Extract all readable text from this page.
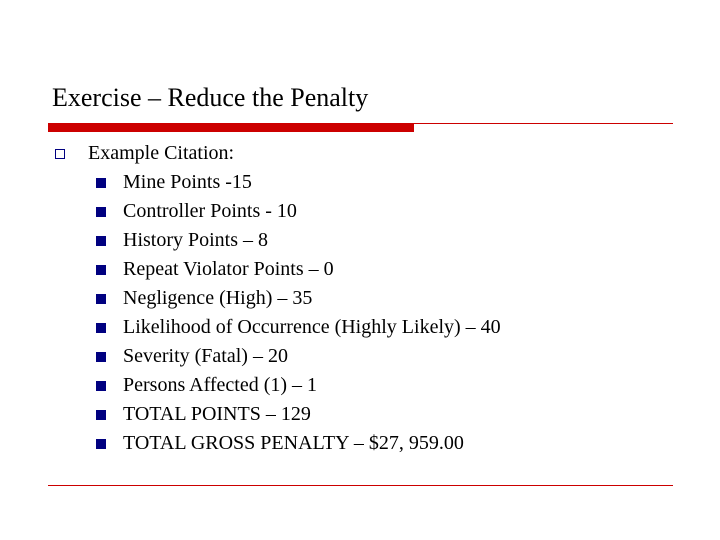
Exercise – Reduce the Penalty
Example Citation:
Mine Points -15
Controller Points - 10
History Points – 8
Repeat Violator Points – 0
Negligence (High) – 35
Likelihood of Occurrence (Highly Likely) – 40
Severity (Fatal) – 20
Persons Affected (1) – 1
TOTAL POINTS – 129
TOTAL GROSS PENALTY – $27, 959.00
